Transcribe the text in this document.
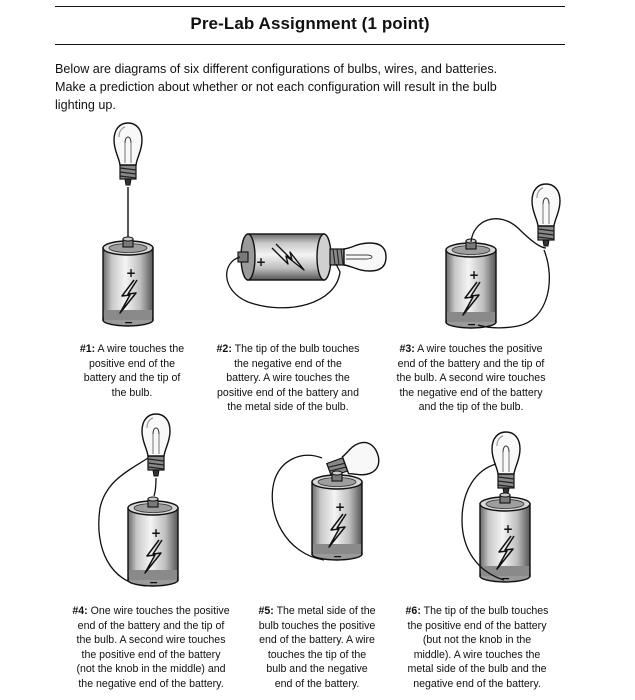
Pre-Lab Assignment (1 point)

Below are diagrams of six different configurations of bulbs, wires, and batteries.

Make a prediction about whether or not each configuration will result in the bulb

lighting up.

+
#1: A wire touches the
positive end of the
battery and the tip of
the bulb.
#2: The tip of the bulb touches
the negative end of the
battery. A wire touches the
positive end of the battery and
the metal side of the bulb.
#3: A wire touches the positive
end of the battery and the tip of
the bulb. A second wire touches
the negative end of the battery
and the tip of the bulb.
#4: One wire touches the positive
end of the battery and the tip of
the bulb. A second wire touches
the positive end of the battery
(not the knob in the middle) and
the negative end of the battery.
#5: The metal side of the
bulb touches the positive
end of the battery. A wire
touches the tip of the
bulb and the negative
end of the battery.
#6: The tip of the bulb touches
the positive end of the battery
(but not the knob in the
middle). A wire touches the
metal side of the bulb and the
negative end of the battery.
